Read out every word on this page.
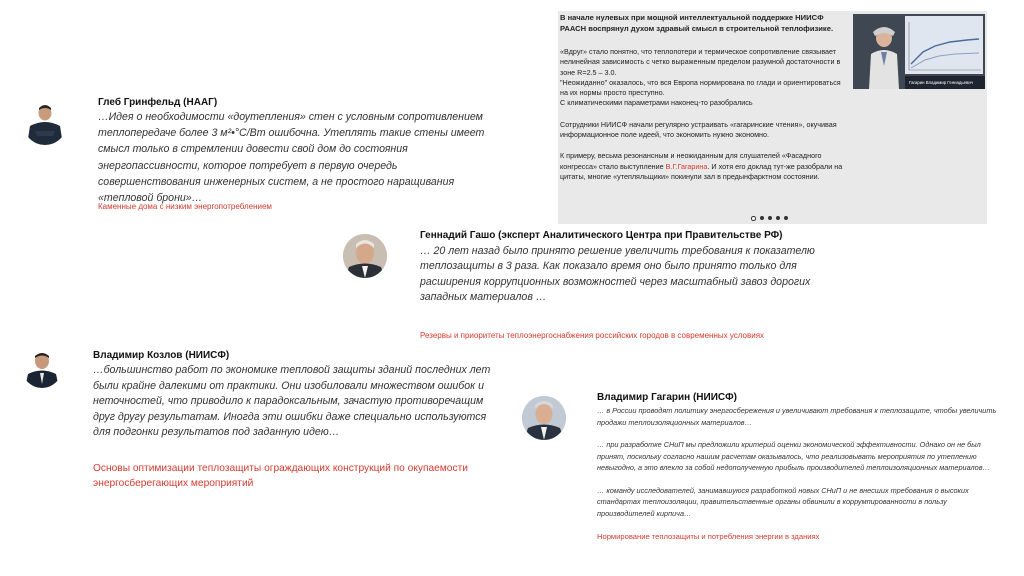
В начале нулевых при мощной интеллектуальной поддержке НИИСФ РААСН воспрянул духом здравый смысл в строительной теплофизике.

«Вдруг» стало понятно, что теплопотери и термическое сопротивление связывает нелинейная зависимость с четко выраженным пределом разумной достаточности в зоне R=2.5 – 3.0.

"Неожиданно" оказалось, что вся Европа нормирована по глади и ориентироваться на их нормы просто преступно.

С климатическими параметрами наконец-то разобрались

Сотрудники НИИСФ начали регулярно устраивать «гагаринские чтения», окучивая информационное поле идеей, что экономить нужно экономно.

К примеру, весьма резонансным и неожиданным для слушателей «Фасадного конгресса» стало выступление В.Г.Гагарина. И хотя его доклад тут-же разобрали на цитаты, многие «утепляльщики» покинули зал в предынфарктном состоянии.

Гагарин Владимир Геннадьевич
Глеб Гринфельд (НААГ)
…Идея о необходимости «доутепления» стен с условным сопротивлением теплопередаче более 3 м²•°С/Вт ошибочна. Утеплять такие стены имеет смысл только в стремлении довести свой дом до состояния энергопассивности, которое потребует в первую очередь совершенствования инженерных систем, а не простого наращивания «тепловой брони»…
Каменные дома с низким энергопотреблением
Геннадий Гашо (эксперт Аналитического Центра при Правительстве РФ)
… 20 лет назад было принято решение увеличить требования к показателю теплозащиты в 3 раза. Как показало время оно было принято только для расширения коррупционных возможностей через масштабный завоз дорогих западных материалов …
Резервы и приоритеты теплоэнергоснабжения российских городов в современных условиях
Владимир Козлов (НИИСФ)
…большинство работ по экономике тепловой защиты зданий последних лет были крайне далекими от практики. Они изобиловали множеством ошибок и неточностей, что приводило к парадоксальным, зачастую противоречащим друг другу результатам. Иногда эти ошибки даже специально используются для подгонки результатов под заданную идею…
Основы оптимизации теплозащиты ограждающих конструкций по окупаемости энергосберегающих мероприятий
Владимир Гагарин (НИИСФ)
… в России проводят политику энергосбережения и увеличивают требования к теплозащите, чтобы увеличить продажи теплоизоляционных материалов…
… при разработке СНиП мы предложили критерий оценки экономической эффективности. Однако он не был принят, поскольку согласно нашим расчетам оказывалось, что реализовывать мероприятия по утеплению невыгодно, а это влекло за собой недополученную прибыль производителей теплоизоляционных материалов…
… команду исследователей, занимавшуюся разработкой новых СНиП и не внесших требования о высоких стандартах теплоизоляции, правительственные органы обвинили в коррумпированности в пользу производителей кирпича…
Нормирование теплозащиты и потребления энергии в зданиях
